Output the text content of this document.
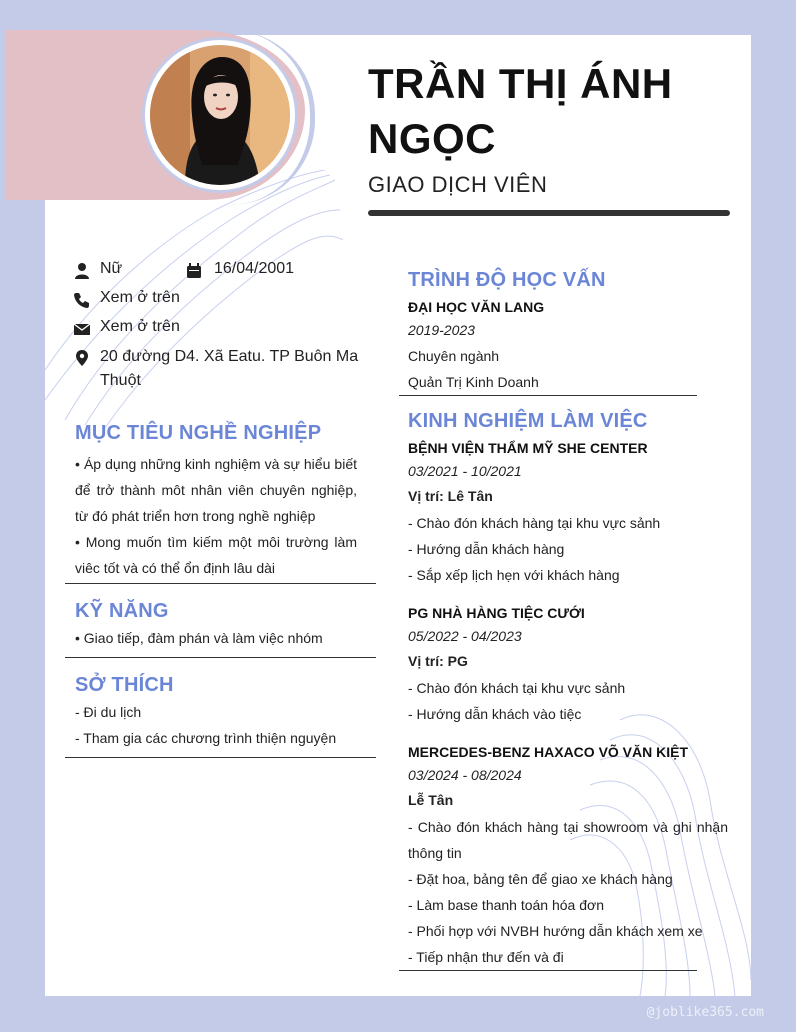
TRẦN THỊ ÁNH
NGỌC
GIAO DỊCH VIÊN
Nữ	16/04/2001
Xem ở trên
Xem ở trên
20 đường D4. Xã Eatu. TP Buôn Ma Thuột
MỤC TIÊU NGHỀ NGHIỆP
• Áp dụng những kinh nghiệm và sự hiểu biết để trở thành môt nhân viên chuyên nghiệp, từ đó phát triển hơn trong nghề nghiệp
• Mong muốn tìm kiếm một môi trường làm viêc tốt và có thể ổn định lâu dài
KỸ NĂNG
• Giao tiếp, đàm phán và làm việc nhóm
SỞ THÍCH
- Đi du lịch
- Tham gia các chương trình thiện nguyện
TRÌNH ĐỘ HỌC VẤN
ĐẠI HỌC VĂN LANG
2019-2023
Chuyên ngành
Quản Trị Kinh Doanh
KINH NGHIỆM LÀM VIỆC
BỆNH VIỆN THẨM MỸ SHE CENTER
03/2021 - 10/2021
Vị trí: Lê Tân
- Chào đón khách hàng tại khu vực sảnh
- Hướng dẫn khách hàng
- Sắp xếp lịch hẹn với khách hàng
PG NHÀ HÀNG TIỆC CƯỚI
05/2022 - 04/2023
Vị trí: PG
- Chào đón khách tại khu vực sảnh
- Hướng dẫn khách vào tiệc
MERCEDES-BENZ HAXACO VÕ VĂN KIỆT
03/2024 - 08/2024
Lễ Tân
- Chào đón khách hàng tại showroom và ghi nhận thông tin
- Đặt hoa, bảng tên để giao xe khách hàng
- Làm base thanh toán hóa đơn
- Phối hợp với NVBH hướng dẫn khách xem xe
- Tiếp nhận thư đến và đi
@joblike365.com
